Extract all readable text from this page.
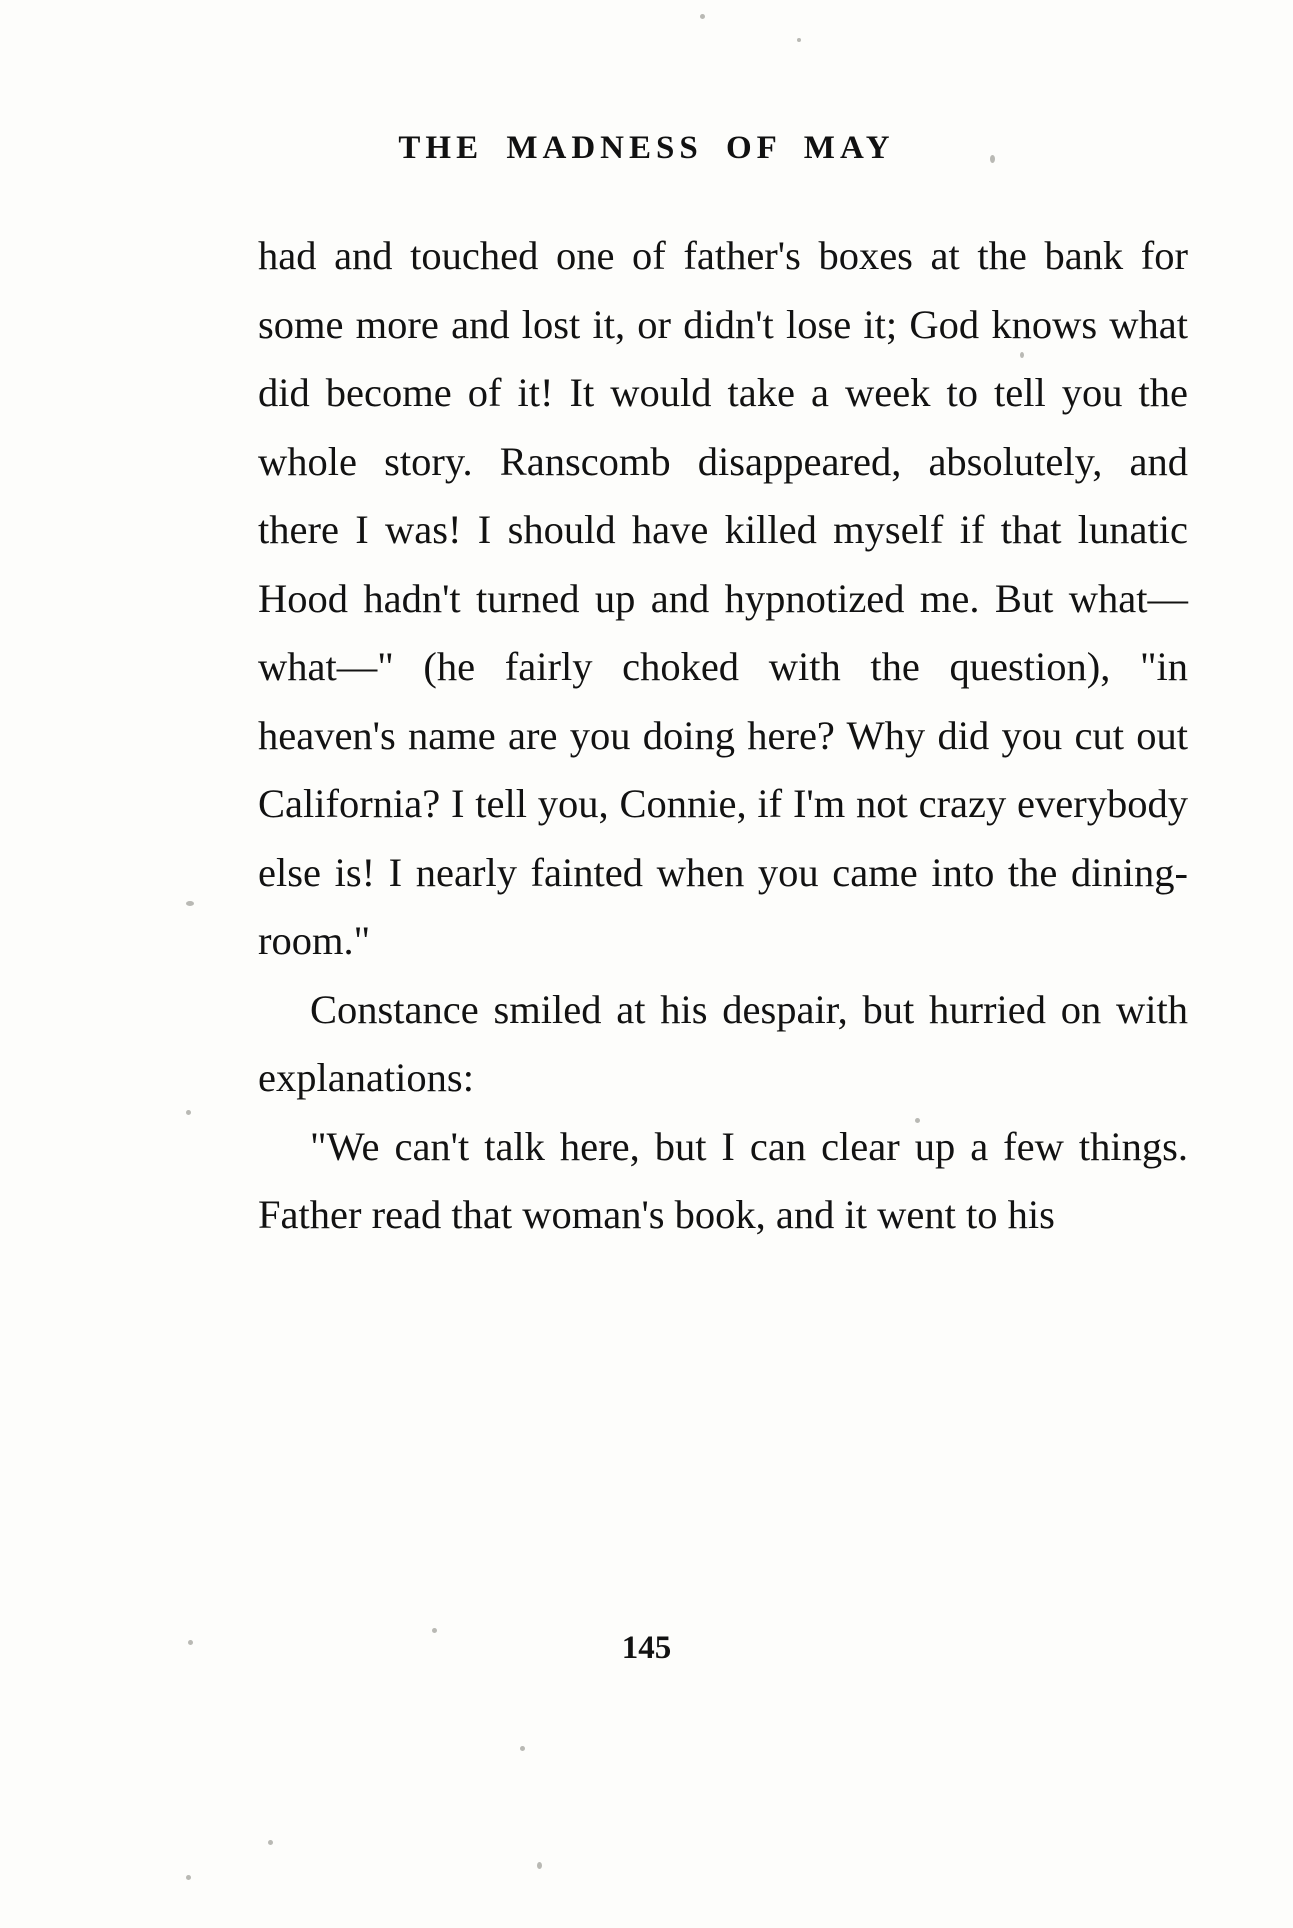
THE MADNESS OF MAY

had and touched one of father's boxes at the bank for some more and lost it, or didn't lose it; God knows what did become of it! It would take a week to tell you the whole story. Ranscomb disappeared, absolutely, and there I was! I should have killed myself if that lunatic Hood hadn't turned up and hypnotized me. But what—what—" (he fairly choked with the question), "in heaven's name are you doing here? Why did you cut out California? I tell you, Connie, if I'm not crazy everybody else is! I nearly fainted when you came into the dining-room."

Constance smiled at his despair, but hurried on with explanations:

"We can't talk here, but I can clear up a few things. Father read that woman's book, and it went to his

145
